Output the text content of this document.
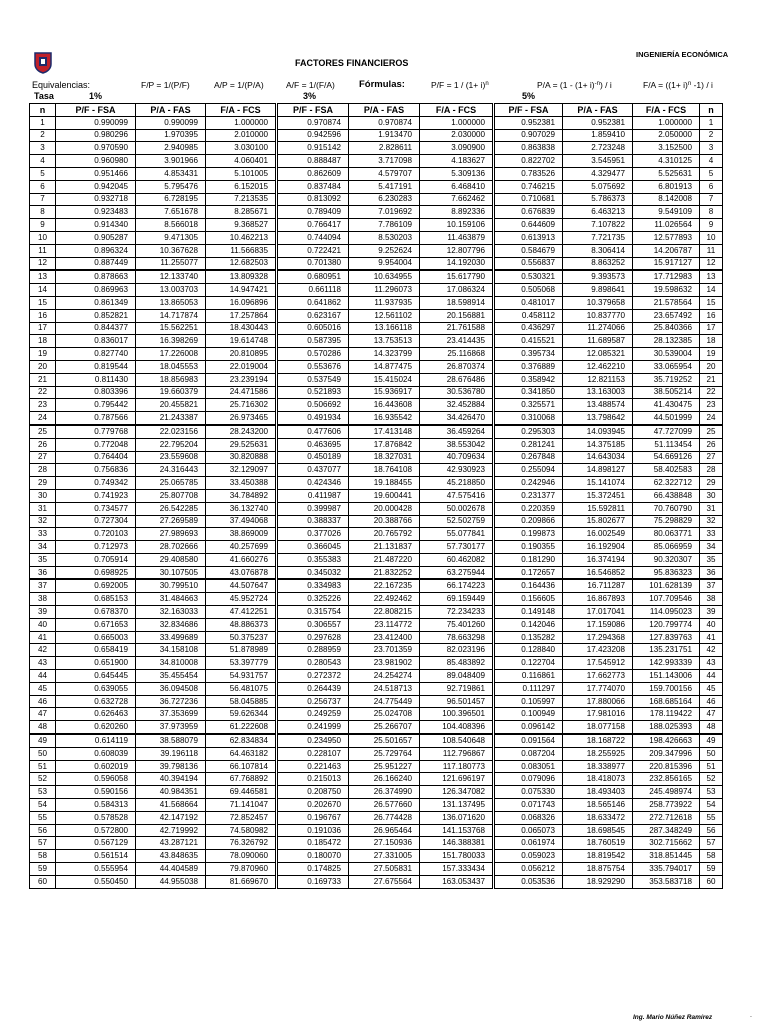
INGENIERÍA ECONÓMICA
FACTORES FINANCIEROS
Equivalencias:	F/P = 1/(P/F)	A/P = 1/(P/A)	A/F = 1/(F/A)	Fórmulas:	$P/F = 1 / (1+ i)^n$	$P/A = (1 - (1+ i)^{-n}) / i$	$F/A = ((1+ i)^n$ -1) / i
Tasa	1%	3%	5%
n	P/F - FSA	P/A - FAS	F/A - FCS	P/F - FSA	P/A - FAS	F/A - FCS	P/F - FSA	P/A - FAS	F/A - FCS	n
1	0.990099	0.990099	1.000000	0.970874	0.970874	1.000000	0.952381	0.952381	1.000000	1
2	0.980296	1.970395	2.010000	0.942596	1.913470	2.030000	0.907029	1.859410	2.050000	2
3	0.970590	2.940985	3.030100	0.915142	2.828611	3.090900	0.863838	2.723248	3.152500	3
4	0.960980	3.901966	4.060401	0.888487	3.717098	4.183627	0.822702	3.545951	4.310125	4
5	0.951466	4.853431	5.101005	0.862609	4.579707	5.309136	0.783526	4.329477	5.525631	5
6	0.942045	5.795476	6.152015	0.837484	5.417191	6.468410	0.746215	5.075692	6.801913	6
7	0.932718	6.728195	7.213535	0.813092	6.230283	7.662462	0.710681	5.786373	8.142008	7
8	0.923483	7.651678	8.285671	0.789409	7.019692	8.892336	0.676839	6.463213	9.549109	8
9	0.914340	8.566018	9.368527	0.766417	7.786109	10.159106	0.644609	7.107822	11.026564	9
10	0.905287	9.471305	10.462213	0.744094	8.530203	11.463879	0.613913	7.721735	12.577893	10
11	0.896324	10.367628	11.566835	0.722421	9.252624	12.807796	0.584679	8.306414	14.206787	11
12	0.887449	11.255077	12.682503	0.701380	9.954004	14.192030	0.556837	8.863252	15.917127	12
13	0.878663	12.133740	13.809328	0.680951	10.634955	15.617790	0.530321	9.393573	17.712983	13
14	0.869963	13.003703	14.947421	0.661118	11.296073	17.086324	0.505068	9.898641	19.598632	14
15	0.861349	13.865053	16.096896	0.641862	11.937935	18.598914	0.481017	10.379658	21.578564	15
16	0.852821	14.717874	17.257864	0.623167	12.561102	20.156881	0.458112	10.837770	23.657492	16
17	0.844377	15.562251	18.430443	0.605016	13.166118	21.761588	0.436297	11.274066	25.840366	17
18	0.836017	16.398269	19.614748	0.587395	13.753513	23.414435	0.415521	11.689587	28.132385	18
19	0.827740	17.226008	20.810895	0.570286	14.323799	25.116868	0.395734	12.085321	30.539004	19
20	0.819544	18.045553	22.019004	0.553676	14.877475	26.870374	0.376889	12.462210	33.065954	20
21	0.811430	18.856983	23.239194	0.537549	15.415024	28.676486	0.358942	12.821153	35.719252	21
22	0.803396	19.660379	24.471586	0.521893	15.936917	30.536780	0.341850	13.163003	38.505214	22
23	0.795442	20.455821	25.716302	0.506692	16.443608	32.452884	0.325571	13.488574	41.430475	23
24	0.787566	21.243387	26.973465	0.491934	16.935542	34.426470	0.310068	13.798642	44.501999	24
25	0.779768	22.023156	28.243200	0.477606	17.413148	36.459264	0.295303	14.093945	47.727099	25
26	0.772048	22.795204	29.525631	0.463695	17.876842	38.553042	0.281241	14.375185	51.113454	26
27	0.764404	23.559608	30.820888	0.450189	18.327031	40.709634	0.267848	14.643034	54.669126	27
28	0.756836	24.316443	32.129097	0.437077	18.764108	42.930923	0.255094	14.898127	58.402583	28
29	0.749342	25.065785	33.450388	0.424346	19.188455	45.218850	0.242946	15.141074	62.322712	29
30	0.741923	25.807708	34.784892	0.411987	19.600441	47.575416	0.231377	15.372451	66.438848	30
31	0.734577	26.542285	36.132740	0.399987	20.000428	50.002678	0.220359	15.592811	70.760790	31
32	0.727304	27.269589	37.494068	0.388337	20.388766	52.502759	0.209866	15.802677	75.298829	32
33	0.720103	27.989693	38.869009	0.377026	20.765792	55.077841	0.199873	16.002549	80.063771	33
34	0.712973	28.702666	40.257699	0.366045	21.131837	57.730177	0.190355	16.192904	85.066959	34
35	0.705914	29.408580	41.660276	0.355383	21.487220	60.462082	0.181290	16.374194	90.320307	35
36	0.698925	30.107505	43.076878	0.345032	21.832252	63.275944	0.172657	16.546852	95.836323	36
37	0.692005	30.799510	44.507647	0.334983	22.167235	66.174223	0.164436	16.711287	101.628139	37
38	0.685153	31.484663	45.952724	0.325226	22.492462	69.159449	0.156605	16.867893	107.709546	38
39	0.678370	32.163033	47.412251	0.315754	22.808215	72.234233	0.149148	17.017041	114.095023	39
40	0.671653	32.834686	48.886373	0.306557	23.114772	75.401260	0.142046	17.159086	120.799774	40
41	0.665003	33.499689	50.375237	0.297628	23.412400	78.663298	0.135282	17.294368	127.839763	41
42	0.658419	34.158108	51.878989	0.288959	23.701359	82.023196	0.128840	17.423208	135.231751	42
43	0.651900	34.810008	53.397779	0.280543	23.981902	85.483892	0.122704	17.545912	142.993339	43
44	0.645445	35.455454	54.931757	0.272372	24.254274	89.048409	0.116861	17.662773	151.143006	44
45	0.639055	36.094508	56.481075	0.264439	24.518713	92.719861	0.111297	17.774070	159.700156	45
46	0.632728	36.727236	58.045885	0.256737	24.775449	96.501457	0.105997	17.880066	168.685164	46
47	0.626463	37.353699	59.626344	0.249259	25.024708	100.396501	0.100949	17.981016	178.119422	47
48	0.620260	37.973959	61.222608	0.241999	25.266707	104.408396	0.096142	18.077158	188.025393	48
49	0.614119	38.588079	62.834834	0.234950	25.501657	108.540648	0.091564	18.168722	198.426663	49
50	0.608039	39.196118	64.463182	0.228107	25.729764	112.796867	0.087204	18.255925	209.347996	50
51	0.602019	39.798136	66.107814	0.221463	25.951227	117.180773	0.083051	18.338977	220.815396	51
52	0.596058	40.394194	67.768892	0.215013	26.166240	121.696197	0.079096	18.418073	232.856165	52
53	0.590156	40.984351	69.446581	0.208750	26.374990	126.347082	0.075330	18.493403	245.498974	53
54	0.584313	41.568664	71.141047	0.202670	26.577660	131.137495	0.071743	18.565146	258.773922	54
55	0.578528	42.147192	72.852457	0.196767	26.774428	136.071620	0.068326	18.633472	272.712618	55
56	0.572800	42.719992	74.580982	0.191036	26.965464	141.153768	0.065073	18.698545	287.348249	56
57	0.567129	43.287121	76.326792	0.185472	27.150936	146.388381	0.061974	18.760519	302.715662	57
58	0.561514	43.848635	78.090060	0.180070	27.331005	151.780033	0.059023	18.819542	318.851445	58
59	0.555954	44.404589	79.870960	0.174825	27.505831	157.333434	0.056212	18.875754	335.794017	59
60	0.550450	44.955038	81.669670	0.169733	27.675564	163.053437	0.053536	18.929290	353.583718	60
Ing. Mario Núñez Ramírez	.
